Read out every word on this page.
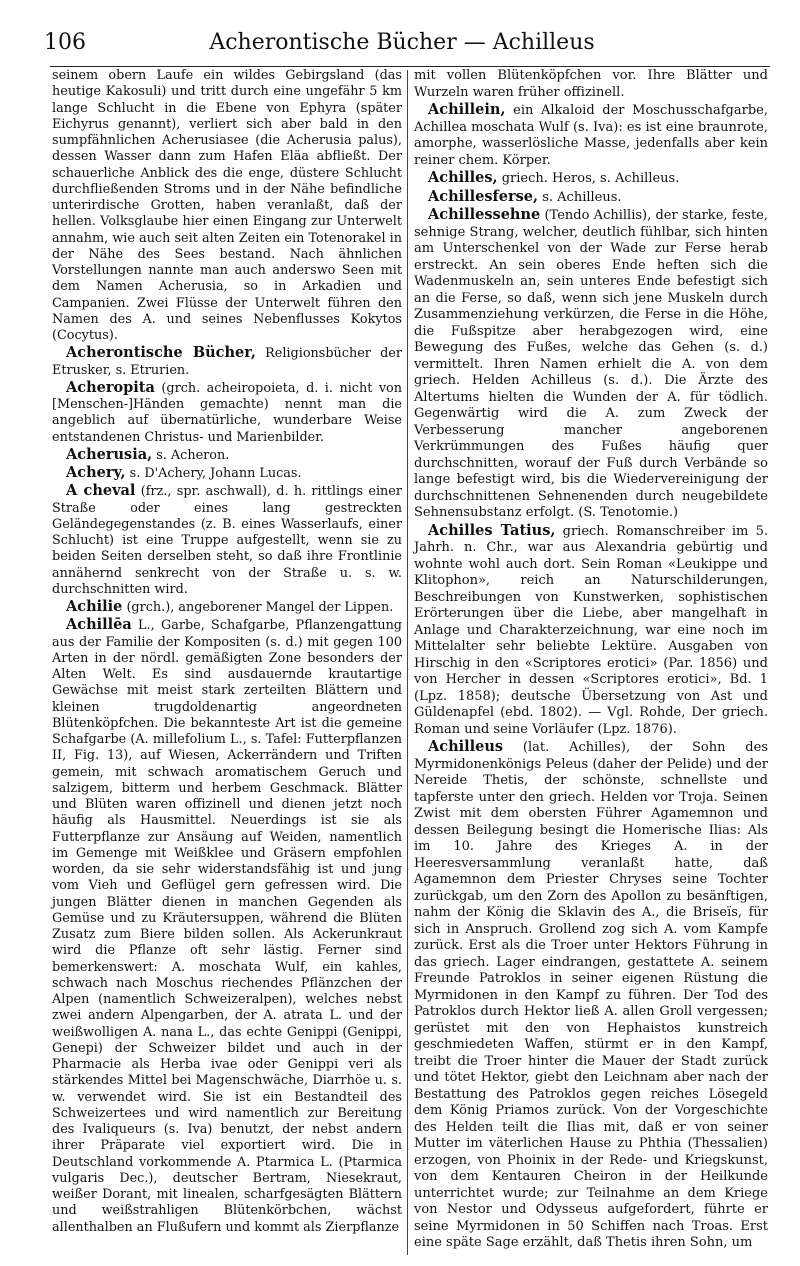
106	Acherontische Bücher — Achilleus

seinem obern Laufe ein wildes Gebirgsland (das heutige Kakosuli) und tritt durch eine ungefähr 5 km lange Schlucht in die Ebene von Ephyra (später Eichyrus genannt), verliert sich aber bald in den sumpfähnlichen Acherusiasee (die Acherusia palus), dessen Wasser dann zum Hafen Eläa abfließt. Der schauerliche Anblick des die enge, düstere Schlucht durchfließenden Stroms und in der Nähe befindliche unterirdische Grotten, haben veranlaßt, daß der hellen. Volksglaube hier einen Eingang zur Unterwelt annahm, wie auch seit alten Zeiten ein Totenorakel in der Nähe des Sees bestand. Nach ähnlichen Vorstellungen nannte man auch anderswo Seen mit dem Namen Acherusia, so in Arkadien und Campanien. Zwei Flüsse der Unterwelt führen den Namen des A. und seines Nebenflusses Kokytos (Cocytus).

Acherontische Bücher, Religionsbücher der Etrusker, s. Etrurien.

Acheropita (grch. acheiropoieta, d. i. nicht von [Menschen-]Händen gemachte) nennt man die angeblich auf übernatürliche, wunderbare Weise entstandenen Christus- und Marienbilder.

Acherusia, s. Acheron.

Achery, s. D'Achery, Johann Lucas.

A cheval (frz., spr. aschwall), d. h. rittlings einer Straße oder eines lang gestreckten Geländegegenstandes (z. B. eines Wasserlaufs, einer Schlucht) ist eine Truppe aufgestellt, wenn sie zu beiden Seiten derselben steht, so daß ihre Frontlinie annähernd senkrecht von der Straße u. s. w. durchschnitten wird.

Achilie (grch.), angeborener Mangel der Lippen.

Achillēa L., Garbe, Schafgarbe, Pflanzengattung aus der Familie der Kompositen (s. d.) mit gegen 100 Arten in der nördl. gemäßigten Zone besonders der Alten Welt. Es sind ausdauernde krautartige Gewächse mit meist stark zerteilten Blättern und kleinen trugdoldenartig angeordneten Blütenköpfchen. Die bekannteste Art ist die gemeine Schafgarbe (A. millefolium L., s. Tafel: Futterpflanzen II, Fig. 13), auf Wiesen, Ackerrändern und Triften gemein, mit schwach aromatischem Geruch und salzigem, bitterm und herbem Geschmack. Blätter und Blüten waren offizinell und dienen jetzt noch häufig als Hausmittel. Neuerdings ist sie als Futterpflanze zur Ansäung auf Weiden, namentlich im Gemenge mit Weißklee und Gräsern empfohlen worden, da sie sehr widerstandsfähig ist und jung vom Vieh und Geflügel gern gefressen wird. Die jungen Blätter dienen in manchen Gegenden als Gemüse und zu Kräutersuppen, während die Blüten Zusatz zum Biere bilden sollen. Als Ackerunkraut wird die Pflanze oft sehr lästig. Ferner sind bemerkenswert: A. moschata Wulf, ein kahles, schwach nach Moschus riechendes Pflänzchen der Alpen (namentlich Schweizeralpen), welches nebst zwei andern Alpengarben, der A. atrata L. und der weißwolligen A. nana L., das echte Genippi (Genippi, Genepi) der Schweizer bildet und auch in der Pharmacie als Herba ivae oder Genippi veri als stärkendes Mittel bei Magenschwäche, Diarrhöe u. s. w. verwendet wird. Sie ist ein Bestandteil des Schweizertees und wird namentlich zur Bereitung des Ivaliqueurs (s. Iva) benutzt, der nebst andern ihrer Präparate viel exportiert wird. Die in Deutschland vorkommende A. Ptarmica L. (Ptarmica vulgaris Dec.), deutscher Bertram, Niesekraut, weißer Dorant, mit linealen, scharfgesägten Blättern und weißstrahligen Blütenkörbchen, wächst allenthalben an Flußufern und kommt als Zierpflanze

mit vollen Blütenköpfchen vor. Ihre Blätter und Wurzeln waren früher offizinell.

Achillein, ein Alkaloid der Moschusschafgarbe, Achillea moschata Wulf (s. Iva): es ist eine braunrote, amorphe, wasserlösliche Masse, jedenfalls aber kein reiner chem. Körper.

Achilles, griech. Heros, s. Achilleus.

Achillesferse, s. Achilleus.

Achillessehne (Tendo Achillis), der starke, feste, sehnige Strang, welcher, deutlich fühlbar, sich hinten am Unterschenkel von der Wade zur Ferse herab erstreckt. An sein oberes Ende heften sich die Wadenmuskeln an, sein unteres Ende befestigt sich an die Ferse, so daß, wenn sich jene Muskeln durch Zusammenziehung verkürzen, die Ferse in die Höhe, die Fußspitze aber herabgezogen wird, eine Bewegung des Fußes, welche das Gehen (s. d.) vermittelt. Ihren Namen erhielt die A. von dem griech. Helden Achilleus (s. d.). Die Ärzte des Altertums hielten die Wunden der A. für tödlich. Gegenwärtig wird die A. zum Zweck der Verbesserung mancher angeborenen Verkrümmungen des Fußes häufig quer durchschnitten, worauf der Fuß durch Verbände so lange befestigt wird, bis die Wiedervereinigung der durchschnittenen Sehnenenden durch neugebildete Sehnensubstanz erfolgt. (S. Tenotomie.)

Achilles Tatius, griech. Romanschreiber im 5. Jahrh. n. Chr., war aus Alexandria gebürtig und wohnte wohl auch dort. Sein Roman «Leukippe und Klitophon», reich an Naturschilderungen, Beschreibungen von Kunstwerken, sophistischen Erörterungen über die Liebe, aber mangelhaft in Anlage und Charakterzeichnung, war eine noch im Mittelalter sehr beliebte Lektüre. Ausgaben von Hirschig in den «Scriptores erotici» (Par. 1856) und von Hercher in dessen «Scriptores erotici», Bd. 1 (Lpz. 1858); deutsche Übersetzung von Ast und Güldenapfel (ebd. 1802). — Vgl. Rohde, Der griech. Roman und seine Vorläufer (Lpz. 1876).

Achilleus (lat. Achilles), der Sohn des Myrmidonenkönigs Peleus (daher der Pelide) und der Nereide Thetis, der schönste, schnellste und tapferste unter den griech. Helden vor Troja. Seinen Zwist mit dem obersten Führer Agamemnon und dessen Beilegung besingt die Homerische Ilias: Als im 10. Jahre des Krieges A. in der Heeresversammlung veranlaßt hatte, daß Agamemnon dem Priester Chryses seine Tochter zurückgab, um den Zorn des Apollon zu besänftigen, nahm der König die Sklavin des A., die Briseïs, für sich in Anspruch. Grollend zog sich A. vom Kampfe zurück. Erst als die Troer unter Hektors Führung in das griech. Lager eindrangen, gestattete A. seinem Freunde Patroklos in seiner eigenen Rüstung die Myrmidonen in den Kampf zu führen. Der Tod des Patroklos durch Hektor ließ A. allen Groll vergessen; gerüstet mit den von Hephaistos kunstreich geschmiedeten Waffen, stürmt er in den Kampf, treibt die Troer hinter die Mauer der Stadt zurück und tötet Hektor, giebt den Leichnam aber nach der Bestattung des Patroklos gegen reiches Lösegeld dem König Priamos zurück. Von der Vorgeschichte des Helden teilt die Ilias mit, daß er von seiner Mutter im väterlichen Hause zu Phthia (Thessalien) erzogen, von Phoinix in der Rede- und Kriegskunst, von dem Kentauren Cheiron in der Heilkunde unterrichtet wurde; zur Teilnahme an dem Kriege von Nestor und Odysseus aufgefordert, führte er seine Myrmidonen in 50 Schiffen nach Troas. Erst eine späte Sage erzählt, daß Thetis ihren Sohn, um
